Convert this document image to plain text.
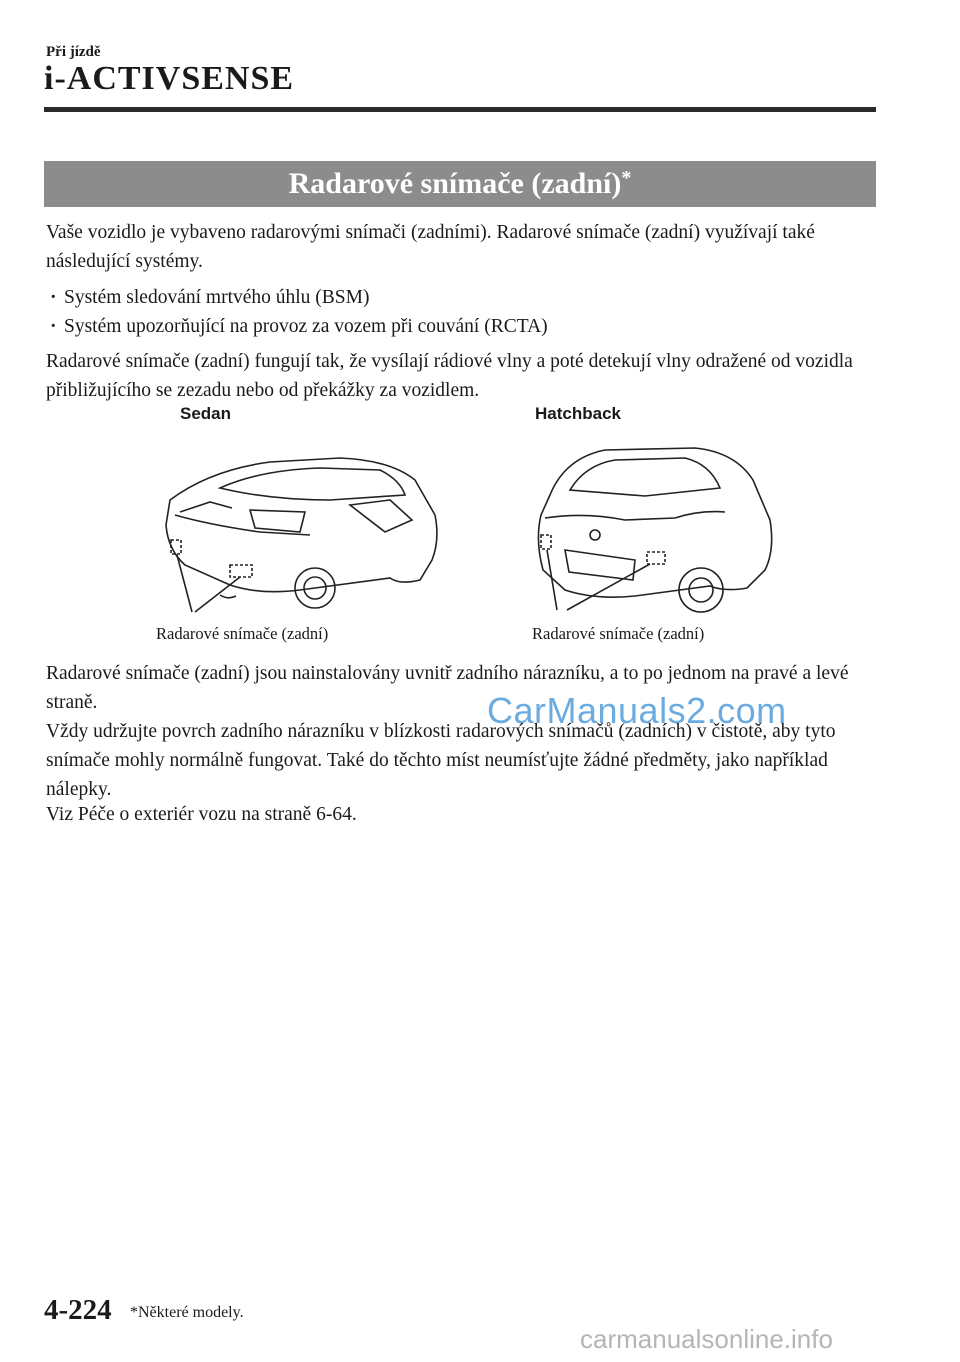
Při jízdě
i-ACTIVSENSE
Radarové snímače (zadní)*

Vaše vozidlo je vybaveno radarovými snímači (zadními). Radarové snímače (zadní) využívají také následující systémy.

· Systém sledování mrtvého úhlu (BSM)
· Systém upozorňující na provoz za vozem při couvání (RCTA)

Radarové snímače (zadní) fungují tak, že vysílají rádiové vlny a poté detekují vlny odražené od vozidla přibližujícího se zezadu nebo od překážky za vozidlem.

Sedan
Radarové snímače (zadní)
Hatchback
Radarové snímače (zadní)

Radarové snímače (zadní) jsou nainstalovány uvnitř zadního nárazníku, a to po jednom na pravé a levé straně.

Vždy udržujte povrch zadního nárazníku v blízkosti radarových snímačů (zadních) v čistotě, aby tyto snímače mohly normálně fungovat. Také do těchto míst neumísťujte žádné předměty, jako například nálepky.

Viz Péče o exteriér vozu na straně 6-64.

CarManuals2.com
4-224 *Některé modely.
carmanualsonline.info
